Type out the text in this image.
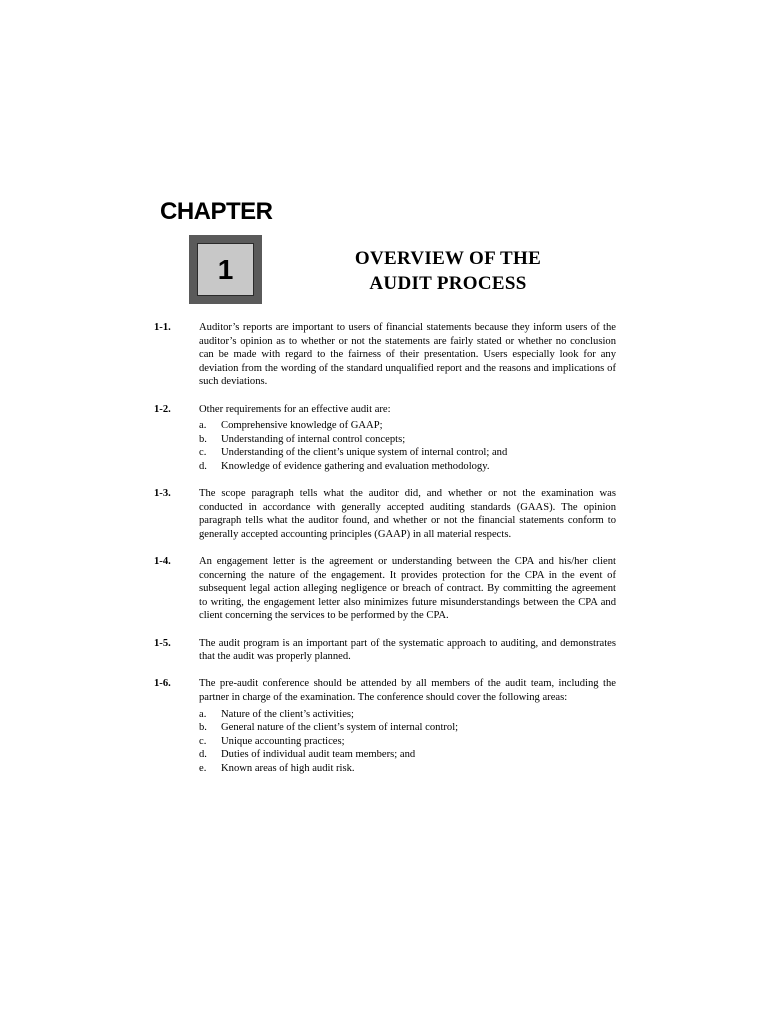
CHAPTER
1	OVERVIEW OF THE
AUDIT PROCESS
1-1.	Auditor’s reports are important to users of financial statements because they inform users of the auditor’s opinion as to whether or not the statements are fairly stated or whether no conclusion can be made with regard to the fairness of their presentation. Users especially look for any deviation from the wording of the standard unqualified report and the reasons and implications of such deviations.
1-2.	Other requirements for an effective audit are:
a. Comprehensive knowledge of GAAP;
b. Understanding of internal control concepts;
c. Understanding of the client’s unique system of internal control; and
d. Knowledge of evidence gathering and evaluation methodology.
1-3.	The scope paragraph tells what the auditor did, and whether or not the examination was conducted in accordance with generally accepted auditing standards (GAAS). The opinion paragraph tells what the auditor found, and whether or not the financial statements conform to generally accepted accounting principles (GAAP) in all material respects.
1-4.	An engagement letter is the agreement or understanding between the CPA and his/her client concerning the nature of the engagement. It provides protection for the CPA in the event of subsequent legal action alleging negligence or breach of contract. By committing the agreement to writing, the engagement letter also minimizes future misunderstandings between the CPA and client concerning the services to be performed by the CPA.
1-5.	The audit program is an important part of the systematic approach to auditing, and demonstrates that the audit was properly planned.
1-6.	The pre-audit conference should be attended by all members of the audit team, including the partner in charge of the examination. The conference should cover the following areas:
a. Nature of the client’s activities;
b. General nature of the client’s system of internal control;
c. Unique accounting practices;
d. Duties of individual audit team members; and
e. Known areas of high audit risk.
